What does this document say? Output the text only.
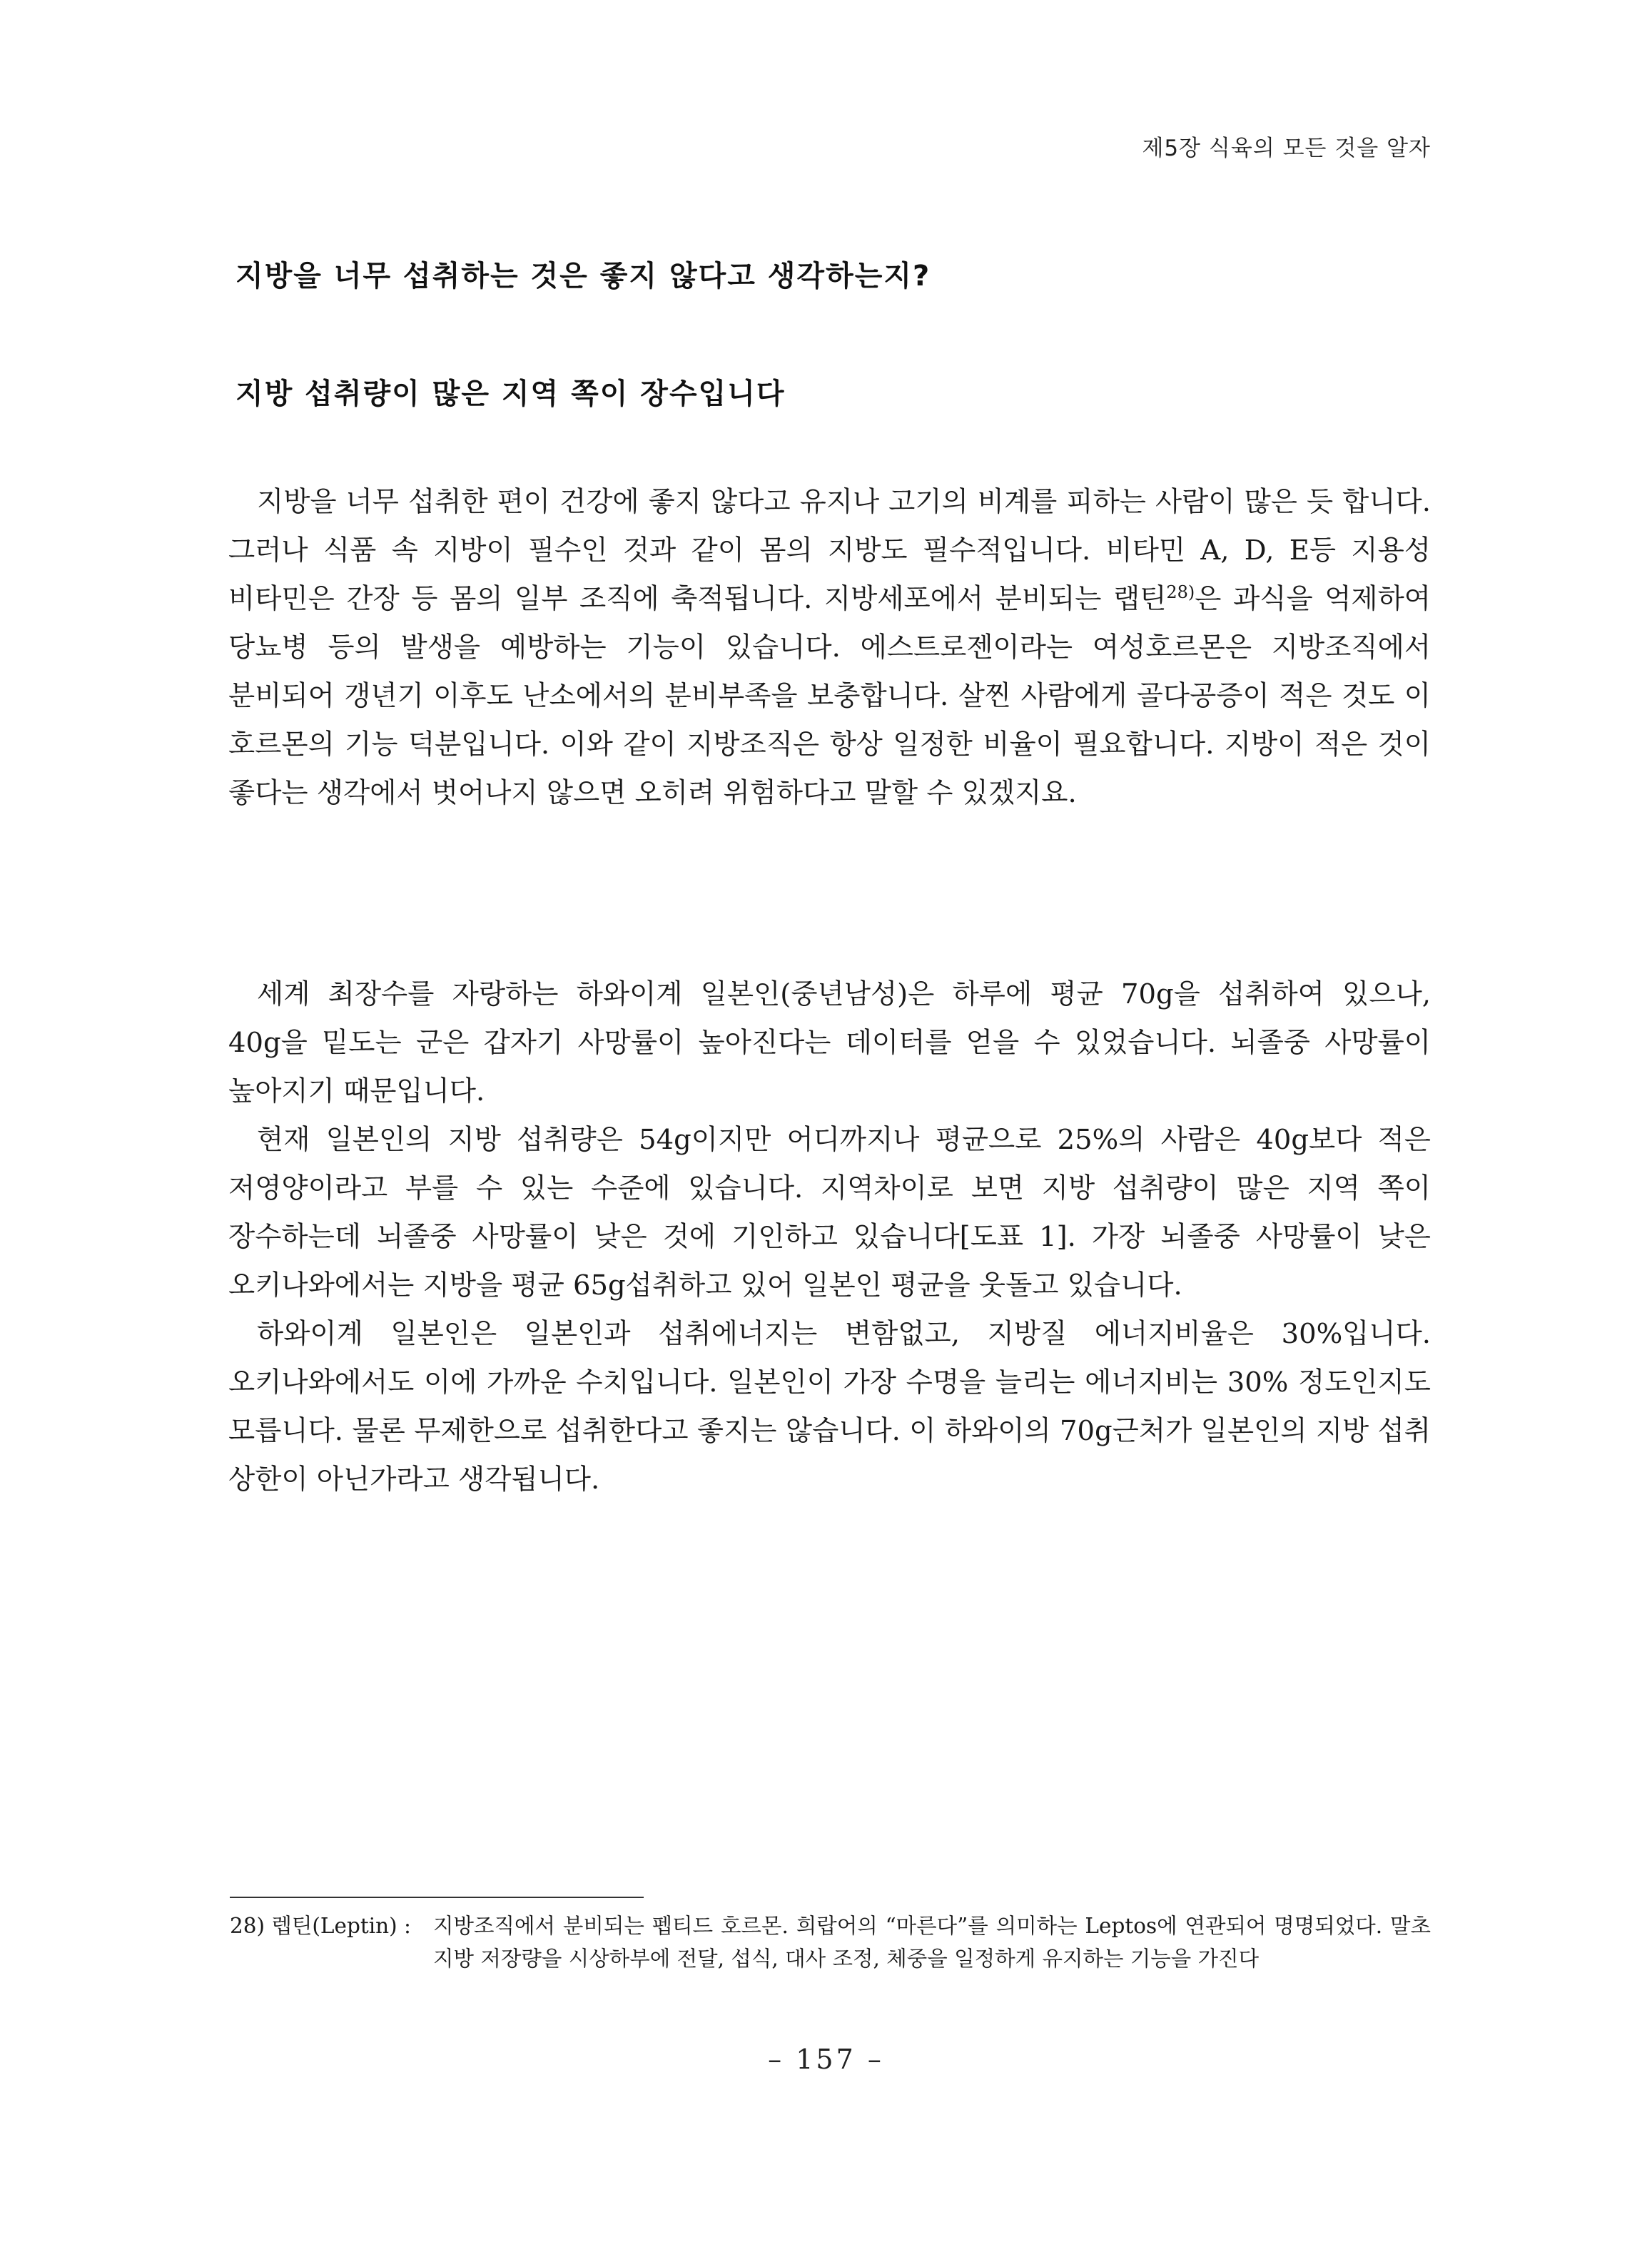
제5장 식육의 모든 것을 알자
지방을 너무 섭취하는 것은 좋지 않다고 생각하는지?
지방 섭취량이 많은 지역 쪽이 장수입니다

지방을 너무 섭취한 편이 건강에 좋지 않다고 유지나 고기의 비계를 피하는 사람이 많은 듯 합니다. 그러나 식품 속 지방이 필수인 것과 같이 몸의 지방도 필수적입니다. 비타민 A, D, E등 지용성 비타민은 간장 등 몸의 일부 조직에 축적됩니다. 지방세포에서 분비되는 랩틴$^{28)}$은 과식을 억제하여 당뇨병 등의 발생을 예방하는 기능이 있습니다. 에스트로젠이라는 여성호르몬은 지방조직에서 분비되어 갱년기 이후도 난소에서의 분비부족을 보충합니다. 살찐 사람에게 골다공증이 적은 것도 이 호르몬의 기능 덕분입니다. 이와 같이 지방조직은 항상 일정한 비율이 필요합니다. 지방이 적은 것이 좋다는 생각에서 벗어나지 않으면 오히려 위험하다고 말할 수 있겠지요.

세계 최장수를 자랑하는 하와이계 일본인(중년남성)은 하루에 평균 70g을 섭취하여 있으나, 40g을 밑도는 군은 갑자기 사망률이 높아진다는 데이터를 얻을 수 있었습니다. 뇌졸중 사망률이 높아지기 때문입니다.

현재 일본인의 지방 섭취량은 54g이지만 어디까지나 평균으로 25%의 사람은 40g보다 적은 저영양이라고 부를 수 있는 수준에 있습니다. 지역차이로 보면 지방 섭취량이 많은 지역 쪽이 장수하는데 뇌졸중 사망률이 낮은 것에 기인하고 있습니다[도표 1]. 가장 뇌졸중 사망률이 낮은 오키나와에서는 지방을 평균 65g섭취하고 있어 일본인 평균을 웃돌고 있습니다.

하와이계 일본인은 일본인과 섭취에너지는 변함없고, 지방질 에너지비율은 30%입니다. 오키나와에서도 이에 가까운 수치입니다. 일본인이 가장 수명을 늘리는 에너지비는 30% 정도인지도 모릅니다. 물론 무제한으로 섭취한다고 좋지는 않습니다. 이 하와이의 70g근처가 일본인의 지방 섭취 상한이 아닌가라고 생각됩니다.

28) 렙틴(Leptin) : 지방조직에서 분비되는 펩티드 호르몬. 희랍어의 “마른다”를 의미하는 Leptos에 연관되어 명명되었다. 말초 지방 저장량을 시상하부에 전달, 섭식, 대사 조정, 체중을 일정하게 유지하는 기능을 가진다
– 157 –
